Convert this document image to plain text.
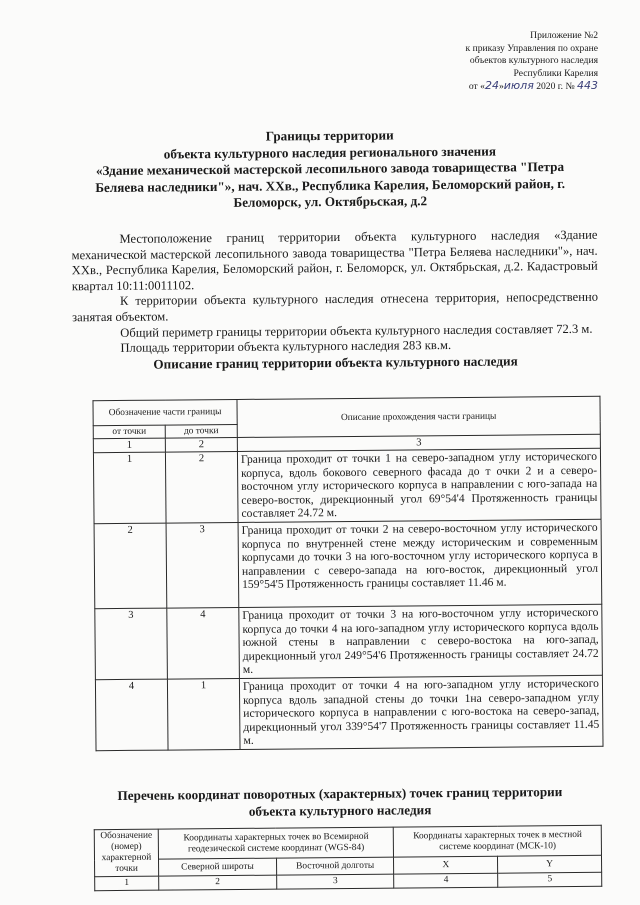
Приложение №2
к приказу Управления по охране
объектов культурного наследия
Республики Карелия
от «24»июля 2020 г. № 443
Границы территории
объекта культурного наследия регионального значения
«Здание механической мастерской лесопильного завода товарищества "Петра Беляева наследники"», нач. ХХв., Республика Карелия, Беломорский район, г. Беломорск, ул. Октябрьская, д.2

Местоположение границ территории объекта культурного наследия «Здание механической мастерской лесопильного завода товарищества "Петра Беляева наследники"», нач. ХХв., Республика Карелия, Беломорский район, г. Беломорск, ул. Октябрьская, д.2. Кадастровый квартал 10:11:0011102.

К территории объекта культурного наследия отнесена территория, непосредственно занятая объектом.

Общий периметр границы территории объекта культурного наследия составляет 72.3 м.

Площадь территории объекта культурного наследия 283 кв.м.

Описание границ территории объекта культурного наследия

Обозначение части границы		Описание прохождения части границы
от точки	до точки	
1	2	3
1	2	Граница проходит от точки 1 на северо-западном углу исторического корпуса, вдоль бокового северного фасада до т очки 2 и а северо-восточном углу исторического корпуса в направлении с юго-запада на северо-восток, дирекционный угол 69°54'4 Протяженность границы составляет 24.72 м.
2	3	Граница проходит от точки 2 на северо-восточном углу исторического корпуса по внутренней стене между историческим и современным корпусами до точки 3 на юго-восточном углу исторического корпуса в направлении с северо-запада на юго-восток, дирекционный угол 159°54'5 Протяженность границы составляет 11.46 м.
3	4	Граница проходит от точки 3 на юго-восточном углу исторического корпуса до точки 4 на юго-западном углу исторического корпуса вдоль южной стены в направлении с северо-востока на юго-запад, дирекционный угол 249°54'6 Протяженность границы составляет 24.72 м.
4	1	Граница проходит от точки 4 на юго-западном углу исторического корпуса вдоль западной стены до точки 1на северо-западном углу исторического корпуса в направлении с юго-востока на северо-запад, дирекционный угол 339°54'7 Протяженность границы составляет 11.45 м.
Перечень координат поворотных (характерных) точек границ территории
объекта культурного наследия
Обозначение (номер) характерной точки	Координаты характерных точек во Всемирной геодезической системе координат (WGS-84)		Координаты характерных точек в местной системе координат (МСК-10)	
	Северной широты	Восточной долготы	X	Y
1	2	3	4	5
